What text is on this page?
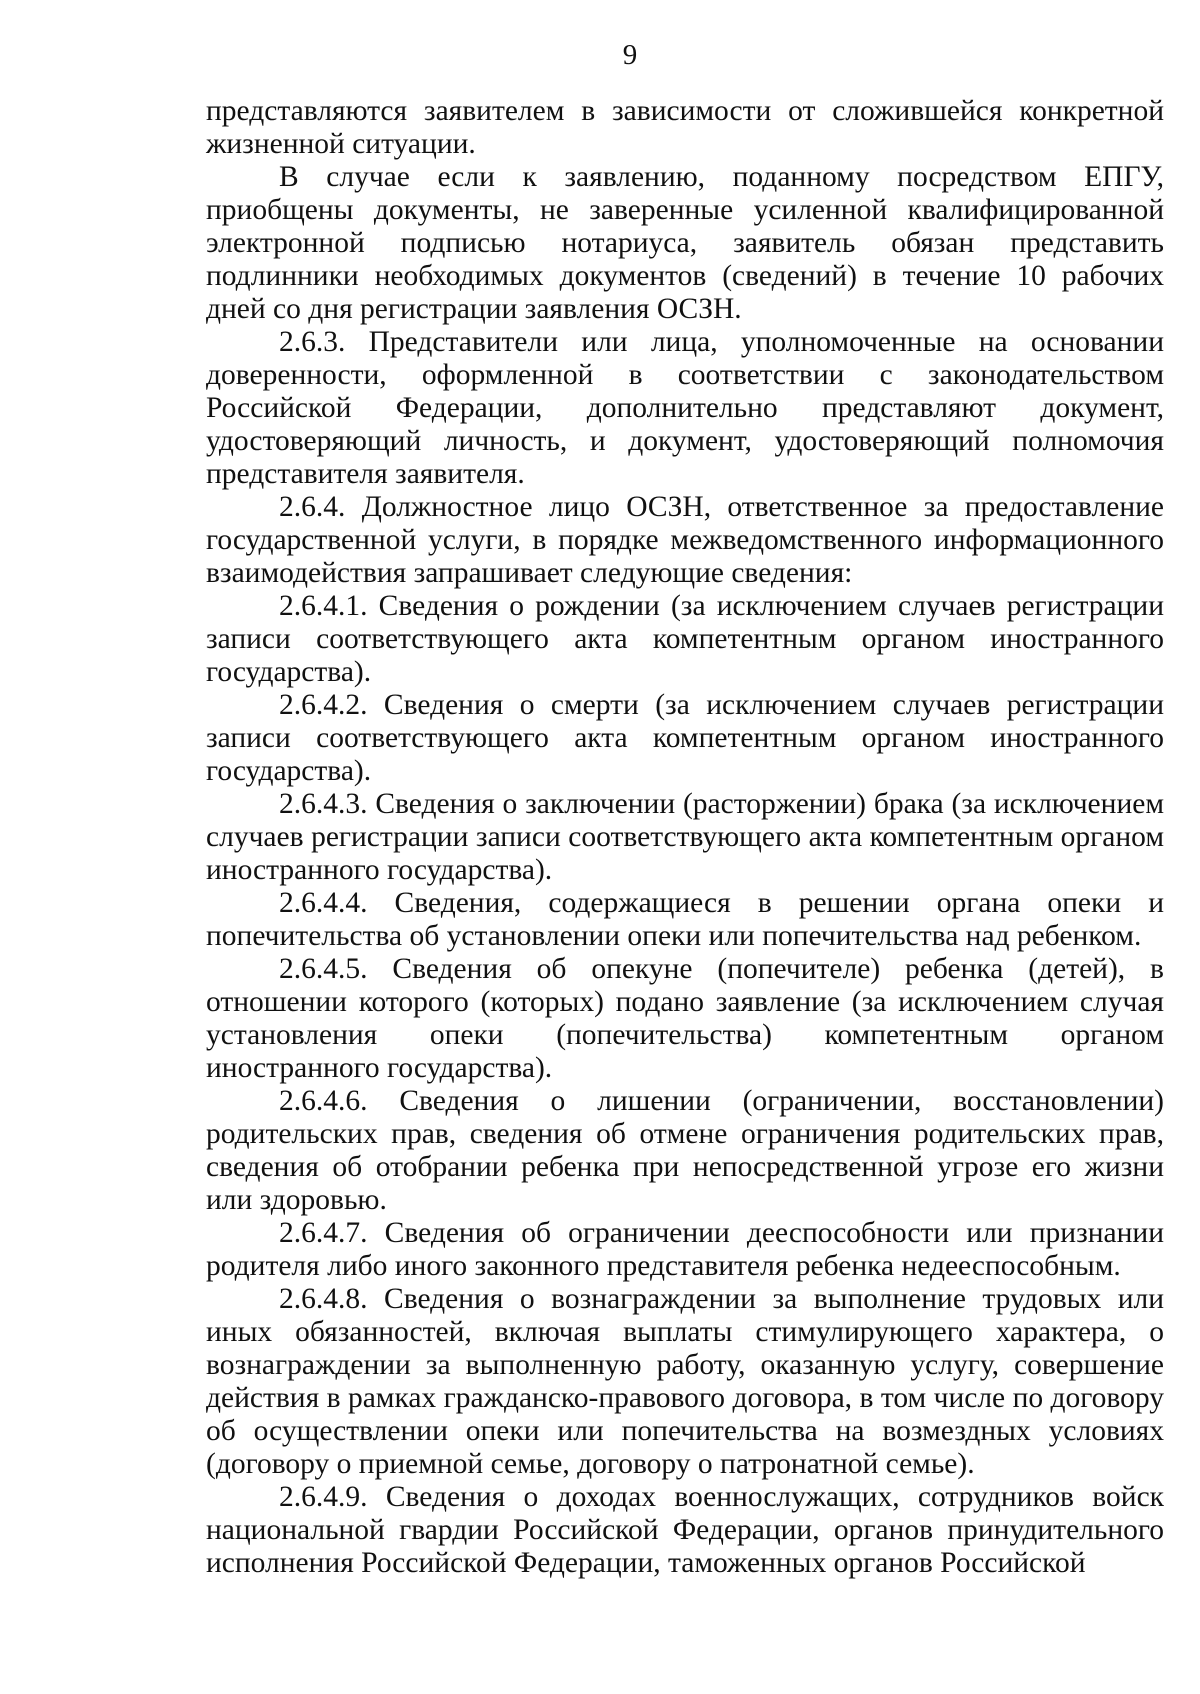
9

представляются заявителем в зависимости от сложившейся конкретной жизненной ситуации.

В случае если к заявлению, поданному посредством ЕПГУ, приобщены документы, не заверенные усиленной квалифицированной электронной подписью нотариуса, заявитель обязан представить подлинники необходимых документов (сведений) в течение 10 рабочих дней со дня регистрации заявления ОСЗН.

2.6.3. Представители или лица, уполномоченные на основании доверенности, оформленной в соответствии с законодательством Российской Федерации, дополнительно представляют документ, удостоверяющий личность, и документ, удостоверяющий полномочия представителя заявителя.

2.6.4. Должностное лицо ОСЗН, ответственное за предоставление государственной услуги, в порядке межведомственного информационного взаимодействия запрашивает следующие сведения:

2.6.4.1. Сведения о рождении (за исключением случаев регистрации записи соответствующего акта компетентным органом иностранного государства).

2.6.4.2. Сведения о смерти (за исключением случаев регистрации записи соответствующего акта компетентным органом иностранного государства).

2.6.4.3. Сведения о заключении (расторжении) брака (за исключением случаев регистрации записи соответствующего акта компетентным органом иностранного государства).

2.6.4.4. Сведения, содержащиеся в решении органа опеки и попечительства об установлении опеки или попечительства над ребенком.

2.6.4.5. Сведения об опекуне (попечителе) ребенка (детей), в отношении которого (которых) подано заявление (за исключением случая установления опеки (попечительства) компетентным органом иностранного государства).

2.6.4.6. Сведения о лишении (ограничении, восстановлении) родительских прав, сведения об отмене ограничения родительских прав, сведения об отобрании ребенка при непосредственной угрозе его жизни или здоровью.

2.6.4.7. Сведения об ограничении дееспособности или признании родителя либо иного законного представителя ребенка недееспособным.

2.6.4.8. Сведения о вознаграждении за выполнение трудовых или иных обязанностей, включая выплаты стимулирующего характера, о вознаграждении за выполненную работу, оказанную услугу, совершение действия в рамках гражданско-правового договора, в том числе по договору об осуществлении опеки или попечительства на возмездных условиях (договору о приемной семье, договору о патронатной семье).

2.6.4.9. Сведения о доходах военнослужащих, сотрудников войск национальной гвардии Российской Федерации, органов принудительного исполнения Российской Федерации, таможенных органов Российской
